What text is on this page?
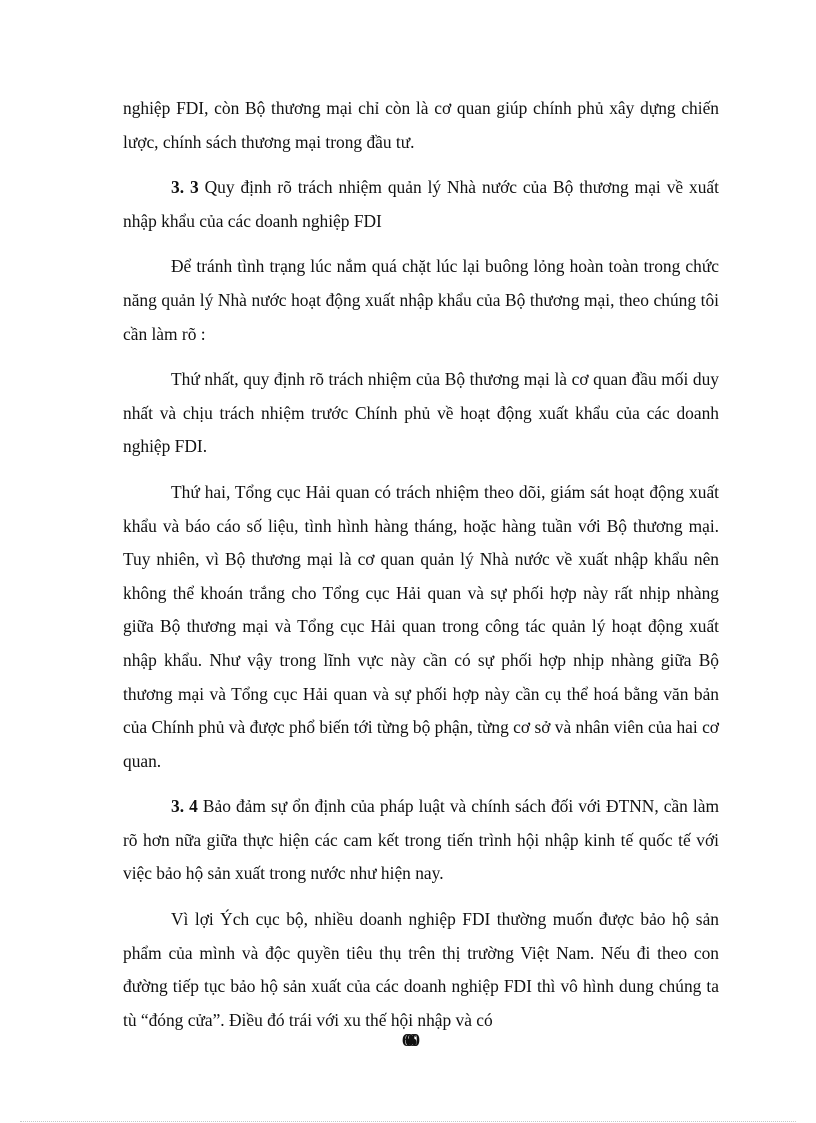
nghiệp FDI, còn Bộ thương mại chỉ còn là cơ quan giúp chính phủ xây dựng chiến lược, chính sách thương mại trong đầu tư.

3. 3 Quy định rõ trách nhiệm quản lý Nhà nước của Bộ thương mại về xuất nhập khẩu của các doanh nghiệp FDI

Để tránh tình trạng lúc nắm quá chặt lúc lại buông lỏng hoàn toàn trong chức năng quản lý Nhà nước hoạt động xuất nhập khẩu của Bộ thương mại, theo chúng tôi cần làm rõ :

Thứ nhất, quy định rõ trách nhiệm của Bộ thương mại là cơ quan đầu mối duy nhất và chịu trách nhiệm trước Chính phủ về hoạt động xuất khẩu của các doanh nghiệp FDI.

Thứ hai, Tổng cục Hải quan có trách nhiệm theo dõi, giám sát hoạt động xuất khẩu và báo cáo số liệu, tình hình hàng tháng, hoặc hàng tuần với Bộ thương mại. Tuy nhiên, vì Bộ thương mại là cơ quan quản lý Nhà nước về xuất nhập khẩu nên không thể khoán trắng cho Tổng cục Hải quan và sự phối hợp này rất nhịp nhàng giữa Bộ thương mại và Tổng cục Hải quan trong công tác quản lý hoạt động xuất nhập khẩu. Như vậy trong lĩnh vực này cần có sự phối hợp nhịp nhàng giữa Bộ thương mại và Tổng cục Hải quan và sự phối hợp này cần cụ thể hoá bằng văn bản của Chính phủ và được phổ biến tới từng bộ phận, từng cơ sở và nhân viên của hai cơ quan.

3. 4 Bảo đảm sự ổn định của pháp luật và chính sách đối với ĐTNN, cần làm rõ hơn nữa giữa thực hiện các cam kết trong tiến trình hội nhập kinh tế quốc tế với việc bảo hộ sản xuất trong nước như hiện nay.

Vì lợi Ých cục bộ, nhiều doanh nghiệp FDI thường muốn được bảo hộ sản phẩm của mình và độc quyền tiêu thụ trên thị trường Việt Nam. Nếu đi theo con đường tiếp tục bảo hộ sản xuất của các doanh nghiệp FDI thì vô hình dung chúng ta tù “đóng cửa”. Điều đó trái với xu thế hội nhập và có

6060
